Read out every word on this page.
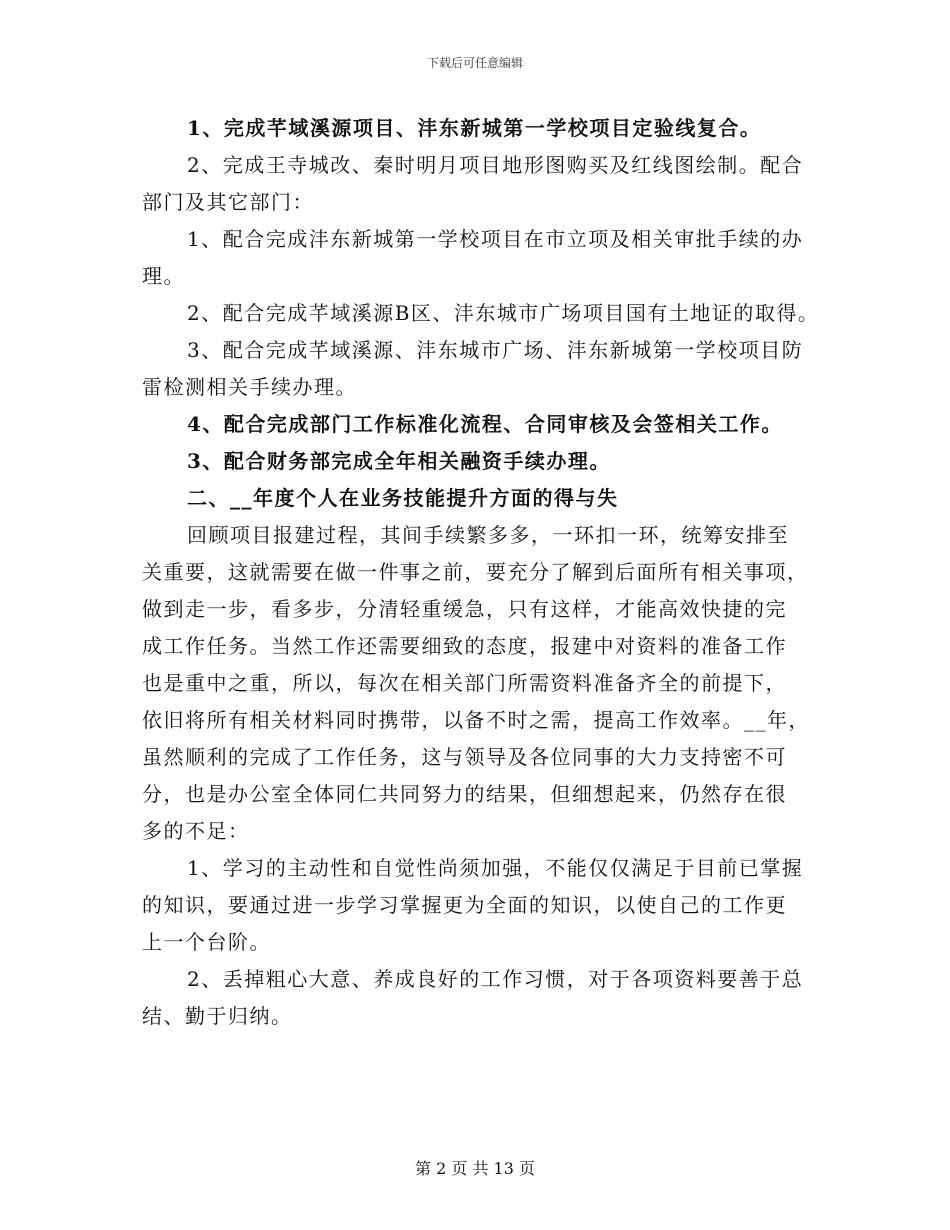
下载后可任意编辑
1、完成芊域溪源项目、沣东新城第一学校项目定验线复合。
2、完成王寺城改、秦时明月项目地形图购买及红线图绘制。配合
部门及其它部门：
1、配合完成沣东新城第一学校项目在市立项及相关审批手续的办
理。
2、配合完成芊域溪源B区、沣东城市广场项目国有土地证的取得。
3、配合完成芊域溪源、沣东城市广场、沣东新城第一学校项目防
雷检测相关手续办理。
4、配合完成部门工作标准化流程、合同审核及会签相关工作。
3、配合财务部完成全年相关融资手续办理。
二、__年度个人在业务技能提升方面的得与失
回顾项目报建过程，其间手续繁多多，一环扣一环，统筹安排至
关重要，这就需要在做一件事之前，要充分了解到后面所有相关事项，
做到走一步，看多步，分清轻重缓急，只有这样，才能高效快捷的完
成工作任务。当然工作还需要细致的态度，报建中对资料的准备工作
也是重中之重，所以，每次在相关部门所需资料准备齐全的前提下，
依旧将所有相关材料同时携带，以备不时之需，提高工作效率。__年，
虽然顺利的完成了工作任务，这与领导及各位同事的大力支持密不可
分，也是办公室全体同仁共同努力的结果，但细想起来，仍然存在很
多的不足：
1、学习的主动性和自觉性尚须加强，不能仅仅满足于目前已掌握
的知识，要通过进一步学习掌握更为全面的知识，以使自己的工作更
上一个台阶。
2、丢掉粗心大意、养成良好的工作习惯，对于各项资料要善于总
结、勤于归纳。
第 2 页 共 13 页
